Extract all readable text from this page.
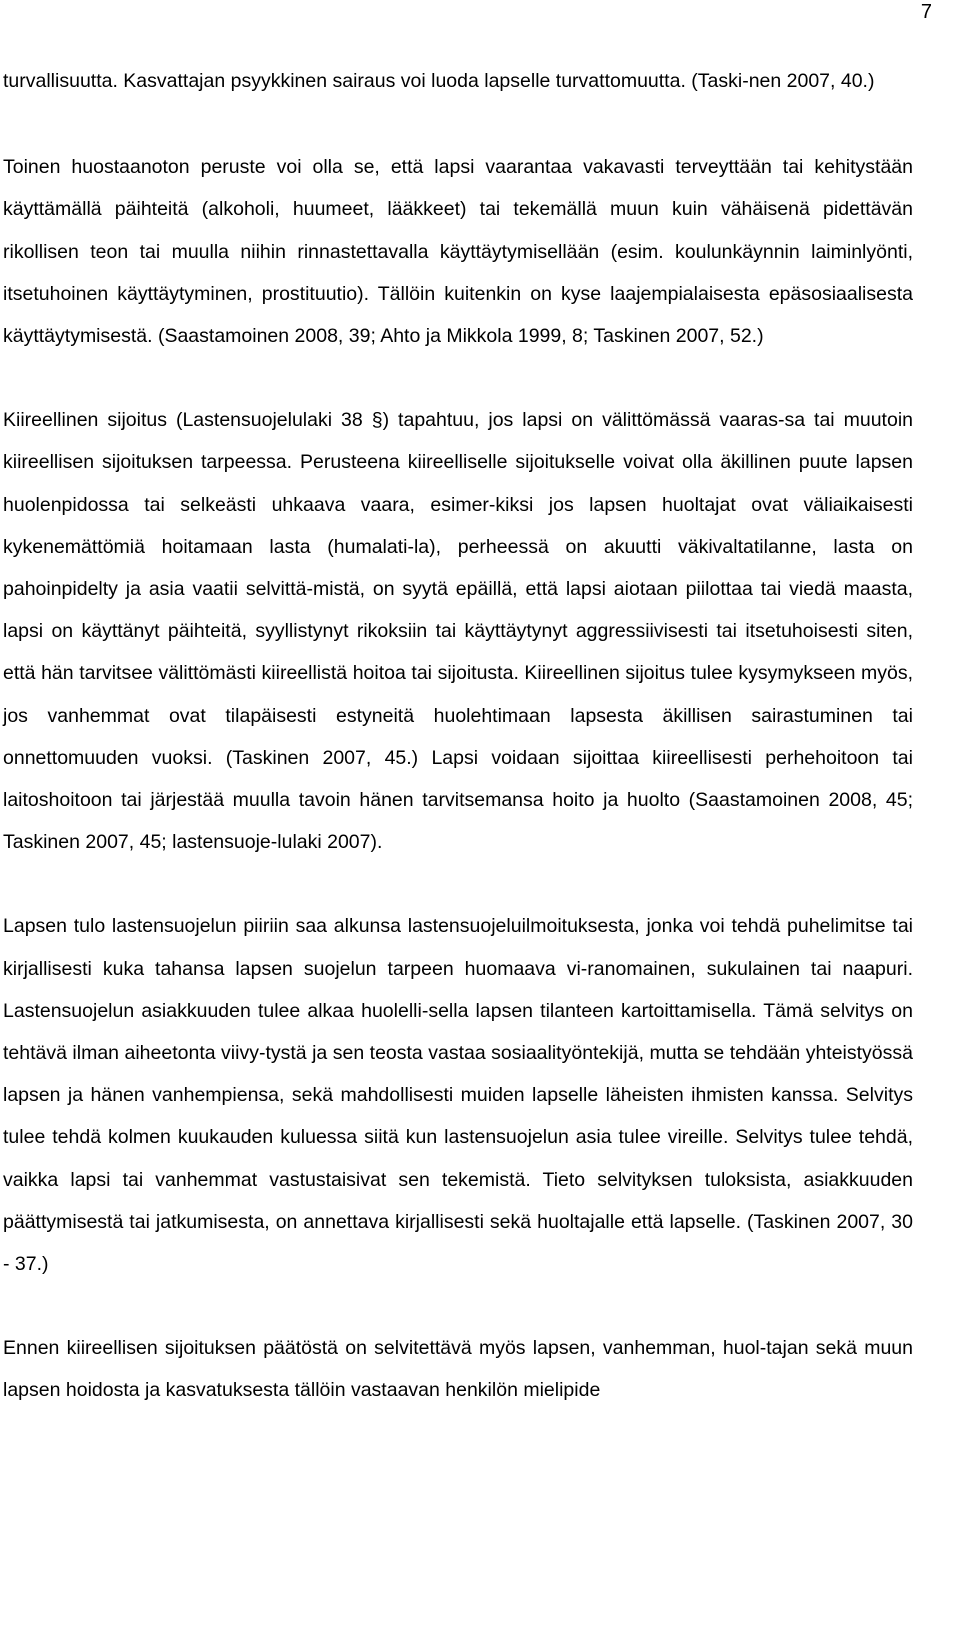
7

turvallisuutta. Kasvattajan psyykkinen sairaus voi luoda lapselle turvattomuutta. (Taski-nen 2007, 40.)

Toinen huostaanoton peruste voi olla se, että lapsi vaarantaa vakavasti terveyttään tai kehitystään käyttämällä päihteitä (alkoholi, huumeet, lääkkeet) tai tekemällä muun kuin vähäisenä pidettävän rikollisen teon tai muulla niihin rinnastettavalla käyttäytymisellään (esim. koulunkäynnin laiminlyönti, itsetuhoinen käyttäytyminen, prostituutio). Tällöin kuitenkin on kyse laajempialaisesta epäsosiaalisesta käyttäytymisestä. (Saastamoinen 2008, 39; Ahto ja Mikkola 1999, 8; Taskinen 2007, 52.)

Kiireellinen sijoitus (Lastensuojelulaki 38 §) tapahtuu, jos lapsi on välittömässä vaaras-sa tai muutoin kiireellisen sijoituksen tarpeessa. Perusteena kiireelliselle sijoitukselle voivat olla äkillinen puute lapsen huolenpidossa tai selkeästi uhkaava vaara, esimer-kiksi jos lapsen huoltajat ovat väliaikaisesti kykenemättömiä hoitamaan lasta (humalati-la), perheessä on akuutti väkivaltatilanne, lasta on pahoinpidelty ja asia vaatii selvittä-mistä, on syytä epäillä, että lapsi aiotaan piilottaa tai viedä maasta, lapsi on käyttänyt päihteitä, syyllistynyt rikoksiin tai käyttäytynyt aggressiivisesti tai itsetuhoisesti siten, että hän tarvitsee välittömästi kiireellistä hoitoa tai sijoitusta. Kiireellinen sijoitus tulee kysymykseen myös, jos vanhemmat ovat tilapäisesti estyneitä huolehtimaan lapsesta äkillisen sairastuminen tai onnettomuuden vuoksi. (Taskinen 2007, 45.) Lapsi voidaan sijoittaa kiireellisesti perhehoitoon tai laitoshoitoon tai järjestää muulla tavoin hänen tarvitsemansa hoito ja huolto (Saastamoinen 2008, 45; Taskinen 2007, 45; lastensuoje-lulaki 2007).

Lapsen tulo lastensuojelun piiriin saa alkunsa lastensuojeluilmoituksesta, jonka voi tehdä puhelimitse tai kirjallisesti kuka tahansa lapsen suojelun tarpeen huomaava vi-ranomainen, sukulainen tai naapuri. Lastensuojelun asiakkuuden tulee alkaa huolelli-sella lapsen tilanteen kartoittamisella. Tämä selvitys on tehtävä ilman aiheetonta viivy-tystä ja sen teosta vastaa sosiaalityöntekijä, mutta se tehdään yhteistyössä lapsen ja hänen vanhempiensa, sekä mahdollisesti muiden lapselle läheisten ihmisten kanssa. Selvitys tulee tehdä kolmen kuukauden kuluessa siitä kun lastensuojelun asia tulee vireille. Selvitys tulee tehdä, vaikka lapsi tai vanhemmat vastustaisivat sen tekemistä. Tieto selvityksen tuloksista, asiakkuuden päättymisestä tai jatkumisesta, on annettava kirjallisesti sekä huoltajalle että lapselle. (Taskinen 2007, 30 - 37.)

Ennen kiireellisen sijoituksen päätöstä on selvitettävä myös lapsen, vanhemman, huol-tajan sekä muun lapsen hoidosta ja kasvatuksesta tällöin vastaavan henkilön mielipide
